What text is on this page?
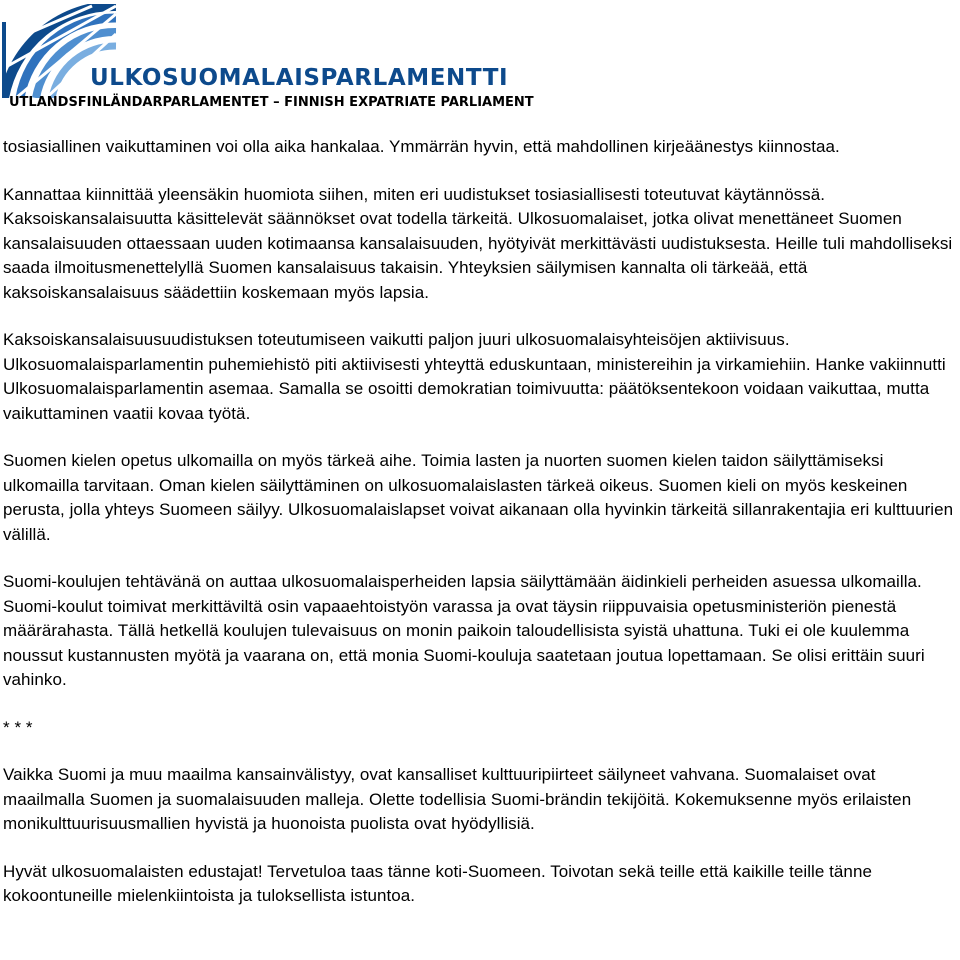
ULKOSUOMALAISPARLAMENTTI
UTLANDSFINLÄNDARPARLAMENTET – FINNISH EXPATRIATE PARLIAMENT

tosiasiallinen vaikuttaminen voi olla aika hankalaa. Ymmärrän hyvin, että mahdollinen kirjeäänestys kiinnostaa.

Kannattaa kiinnittää yleensäkin huomiota siihen, miten eri uudistukset tosiasiallisesti toteutuvat käytännössä. Kaksoiskansalaisuutta käsittelevät säännökset ovat todella tärkeitä. Ulkosuomalaiset, jotka olivat menettäneet Suomen kansalaisuuden ottaessaan uuden kotimaansa kansalaisuuden, hyötyivät merkittävästi uudistuksesta. Heille tuli mahdolliseksi saada ilmoitusmenettelyllä Suomen kansalaisuus takaisin. Yhteyksien säilymisen kannalta oli tärkeää, että kaksoiskansalaisuus säädettiin koskemaan myös lapsia.

Kaksoiskansalaisuusuudistuksen toteutumiseen vaikutti paljon juuri ulkosuomalaisyhteisöjen aktiivisuus. Ulkosuomalaisparlamentin puhemiehistö piti aktiivisesti yhteyttä eduskuntaan, ministereihin ja virkamiehiin. Hanke vakiinnutti Ulkosuomalaisparlamentin asemaa. Samalla se osoitti demokratian toimivuutta: päätöksentekoon voidaan vaikuttaa, mutta vaikuttaminen vaatii kovaa työtä.

Suomen kielen opetus ulkomailla on myös tärkeä aihe. Toimia lasten ja nuorten suomen kielen taidon säilyttämiseksi ulkomailla tarvitaan. Oman kielen säilyttäminen on ulkosuomalaislasten tärkeä oikeus. Suomen kieli on myös keskeinen perusta, jolla yhteys Suomeen säilyy. Ulkosuomalaislapset voivat aikanaan olla hyvinkin tärkeitä sillanrakentajia eri kulttuurien välillä.

Suomi-koulujen tehtävänä on auttaa ulkosuomalaisperheiden lapsia säilyttämään äidinkieli perheiden asuessa ulkomailla. Suomi-koulut toimivat merkittäviltä osin vapaaehtoistyön varassa ja ovat täysin riippuvaisia opetusministeriön pienestä määrärahasta. Tällä hetkellä koulujen tulevaisuus on monin paikoin taloudellisista syistä uhattuna. Tuki ei ole kuulemma noussut kustannusten myötä ja vaarana on, että monia Suomi-kouluja saatetaan joutua lopettamaan. Se olisi erittäin suuri vahinko.

* * *

Vaikka Suomi ja muu maailma kansainvälistyy, ovat kansalliset kulttuuripiirteet säilyneet vahvana. Suomalaiset ovat maailmalla Suomen ja suomalaisuuden malleja. Olette todellisia Suomi-brändin tekijöitä. Kokemuksenne myös erilaisten monikulttuurisuusmallien hyvistä ja huonoista puolista ovat hyödyllisiä.

Hyvät ulkosuomalaisten edustajat! Tervetuloa taas tänne koti-Suomeen. Toivotan sekä teille että kaikille teille tänne kokoontuneille mielenkiintoista ja tuloksellista istuntoa.
